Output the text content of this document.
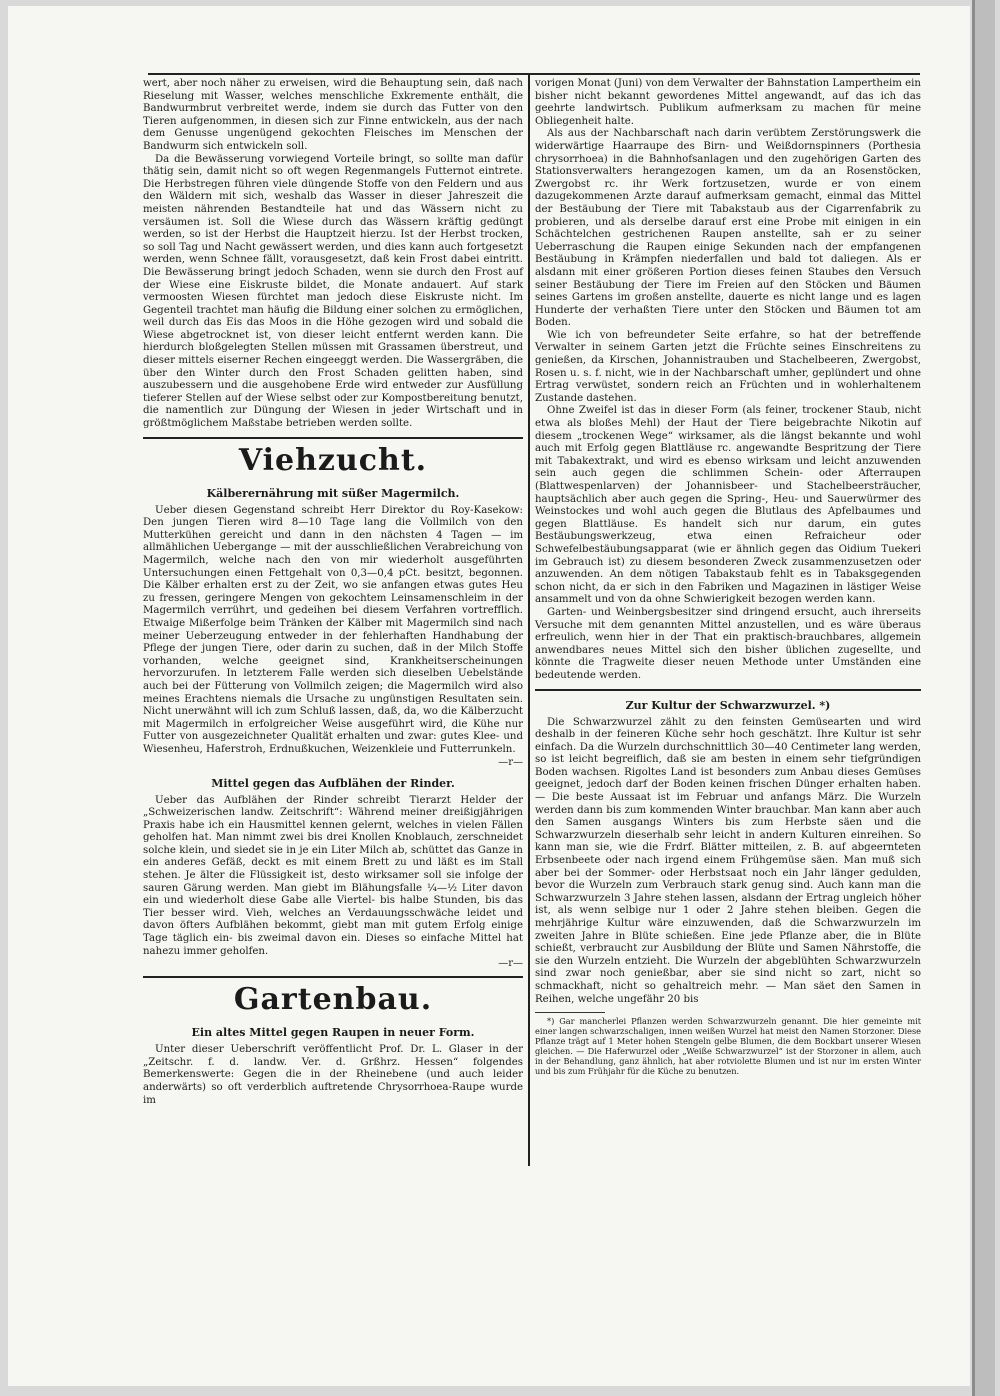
wert, aber noch näher zu erweisen, wird die Behauptung sein, daß nach Rieselung mit Wasser, welches menschliche Exkremente enthält, die Bandwurmbrut verbreitet werde, indem sie durch das Futter von den Tieren aufgenommen, in diesen sich zur Finne entwickeln, aus der nach dem Genusse ungenügend gekochten Fleisches im Menschen der Bandwurm sich entwickeln soll.

Da die Bewässerung vorwiegend Vorteile bringt, so sollte man dafür thätig sein, damit nicht so oft wegen Regenmangels Futternot eintrete. Die Herbstregen führen viele düngende Stoffe von den Feldern und aus den Wäldern mit sich, weshalb das Wasser in dieser Jahreszeit die meisten nährenden Bestandteile hat und das Wässern nicht zu versäumen ist. Soll die Wiese durch das Wässern kräftig gedüngt werden, so ist der Herbst die Hauptzeit hierzu. Ist der Herbst trocken, so soll Tag und Nacht gewässert werden, und dies kann auch fortgesetzt werden, wenn Schnee fällt, vorausgesetzt, daß kein Frost dabei eintritt. Die Bewässerung bringt jedoch Schaden, wenn sie durch den Frost auf der Wiese eine Eiskruste bildet, die Monate andauert. Auf stark vermoosten Wiesen fürchtet man jedoch diese Eiskruste nicht. Im Gegenteil trachtet man häufig die Bildung einer solchen zu ermöglichen, weil durch das Eis das Moos in die Höhe gezogen wird und sobald die Wiese abgetrocknet ist, von dieser leicht entfernt werden kann. Die hierdurch bloßgelegten Stellen müssen mit Grassamen überstreut, und dieser mittels eiserner Rechen eingeeggt werden. Die Wassergräben, die über den Winter durch den Frost Schaden gelitten haben, sind auszubessern und die ausgehobene Erde wird entweder zur Ausfüllung tieferer Stellen auf der Wiese selbst oder zur Kompostbereitung benutzt, die namentlich zur Düngung der Wiesen in jeder Wirtschaft und in größtmöglichem Maßstabe betrieben werden sollte.

Viehzucht.
Kälberernährung mit süßer Magermilch.

Ueber diesen Gegenstand schreibt Herr Direktor du Roy-Kasekow: Den jungen Tieren wird 8—10 Tage lang die Vollmilch von den Mutterkühen gereicht und dann in den nächsten 4 Tagen — im allmählichen Uebergange — mit der ausschließlichen Verabreichung von Magermilch, welche nach den von mir wiederholt ausgeführten Untersuchungen einen Fettgehalt von 0,3—0,4 pCt. besitzt, begonnen. Die Kälber erhalten erst zu der Zeit, wo sie anfangen etwas gutes Heu zu fressen, geringere Mengen von gekochtem Leinsamenschleim in der Magermilch verrührt, und gedeihen bei diesem Verfahren vortrefflich. Etwaige Mißerfolge beim Tränken der Kälber mit Magermilch sind nach meiner Ueberzeugung entweder in der fehlerhaften Handhabung der Pflege der jungen Tiere, oder darin zu suchen, daß in der Milch Stoffe vorhanden, welche geeignet sind, Krankheitserscheinungen hervorzurufen. In letzterem Falle werden sich dieselben Uebelstände auch bei der Fütterung von Vollmilch zeigen; die Magermilch wird also meines Erachtens niemals die Ursache zu ungünstigen Resultaten sein. Nicht unerwähnt will ich zum Schluß lassen, daß, da, wo die Kälberzucht mit Magermilch in erfolgreicher Weise ausgeführt wird, die Kühe nur Futter von ausgezeichneter Qualität erhalten und zwar: gutes Klee- und Wiesenheu, Haferstroh, Erdnußkuchen, Weizenkleie und Futterrunkeln.

—r—
Mittel gegen das Aufblähen der Rinder.

Ueber das Aufblähen der Rinder schreibt Tierarzt Helder der „Schweizerischen landw. Zeitschrift“: Während meiner dreißigjährigen Praxis habe ich ein Hausmittel kennen gelernt, welches in vielen Fällen geholfen hat. Man nimmt zwei bis drei Knollen Knoblauch, zerschneidet solche klein, und siedet sie in je ein Liter Milch ab, schüttet das Ganze in ein anderes Gefäß, deckt es mit einem Brett zu und läßt es im Stall stehen. Je älter die Flüssigkeit ist, desto wirksamer soll sie infolge der sauren Gärung werden. Man giebt im Blähungsfalle ¼—½ Liter davon ein und wiederholt diese Gabe alle Viertel- bis halbe Stunden, bis das Tier besser wird. Vieh, welches an Verdauungsschwäche leidet und davon öfters Aufblähen bekommt, giebt man mit gutem Erfolg einige Tage täglich ein- bis zweimal davon ein. Dieses so einfache Mittel hat nahezu immer geholfen.

—r—
Gartenbau.
Ein altes Mittel gegen Raupen in neuer Form.

Unter dieser Ueberschrift veröffentlicht Prof. Dr. L. Glaser in der „Zeitschr. f. d. landw. Ver. d. Grßhrz. Hessen“ folgendes Bemerkenswerte: Gegen die in der Rheinebene (und auch leider anderwärts) so oft verderblich auftretende Chrysorrhoea-Raupe wurde im

vorigen Monat (Juni) von dem Verwalter der Bahnstation Lampertheim ein bisher nicht bekannt gewordenes Mittel angewandt, auf das ich das geehrte landwirtsch. Publikum aufmerksam zu machen für meine Obliegenheit halte.

Als aus der Nachbarschaft nach darin verübtem Zerstörungswerk die widerwärtige Haarraupe des Birn- und Weißdornspinners (Porthesia chrysorrhoea) in die Bahnhofsanlagen und den zugehörigen Garten des Stationsverwalters herangezogen kamen, um da an Rosenstöcken, Zwergobst rc. ihr Werk fortzusetzen, wurde er von einem dazugekommenen Arzte darauf aufmerksam gemacht, einmal das Mittel der Bestäubung der Tiere mit Tabakstaub aus der Cigarrenfabrik zu probieren, und als derselbe darauf erst eine Probe mit einigen in ein Schächtelchen gestrichenen Raupen anstellte, sah er zu seiner Ueberraschung die Raupen einige Sekunden nach der empfangenen Bestäubung in Krämpfen niederfallen und bald tot daliegen. Als er alsdann mit einer größeren Portion dieses feinen Staubes den Versuch seiner Bestäubung der Tiere im Freien auf den Stöcken und Bäumen seines Gartens im großen anstellte, dauerte es nicht lange und es lagen Hunderte der verhaßten Tiere unter den Stöcken und Bäumen tot am Boden.

Wie ich von befreundeter Seite erfahre, so hat der betreffende Verwalter in seinem Garten jetzt die Früchte seines Einschreitens zu genießen, da Kirschen, Johannistrauben und Stachelbeeren, Zwergobst, Rosen u. s. f. nicht, wie in der Nachbarschaft umher, geplündert und ohne Ertrag verwüstet, sondern reich an Früchten und in wohlerhaltenem Zustande dastehen.

Ohne Zweifel ist das in dieser Form (als feiner, trockener Staub, nicht etwa als bloßes Mehl) der Haut der Tiere beigebrachte Nikotin auf diesem „trockenen Wege“ wirksamer, als die längst bekannte und wohl auch mit Erfolg gegen Blattläuse rc. angewandte Bespritzung der Tiere mit Tabakextrakt, und wird es ebenso wirksam und leicht anzuwenden sein auch gegen die schlimmen Schein- oder Afterraupen (Blattwespenlarven) der Johannisbeer- und Stachelbeersträucher, hauptsächlich aber auch gegen die Spring-, Heu- und Sauerwürmer des Weinstockes und wohl auch gegen die Blutlaus des Apfelbaumes und gegen Blattläuse. Es handelt sich nur darum, ein gutes Bestäubungswerkzeug, etwa einen Refraicheur oder Schwefelbestäubungsapparat (wie er ähnlich gegen das Oidium Tuekeri im Gebrauch ist) zu diesem besonderen Zweck zusammenzusetzen oder anzuwenden. An dem nötigen Tabakstaub fehlt es in Tabaksgegenden schon nicht, da er sich in den Fabriken und Magazinen in lästiger Weise ansammelt und von da ohne Schwierigkeit bezogen werden kann.

Garten- und Weinbergsbesitzer sind dringend ersucht, auch ihrerseits Versuche mit dem genannten Mittel anzustellen, und es wäre überaus erfreulich, wenn hier in der That ein praktisch-brauchbares, allgemein anwendbares neues Mittel sich den bisher üblichen zugesellte, und könnte die Tragweite dieser neuen Methode unter Umständen eine bedeutende werden.

Zur Kultur der Schwarzwurzel. *)

Die Schwarzwurzel zählt zu den feinsten Gemüsearten und wird deshalb in der feineren Küche sehr hoch geschätzt. Ihre Kultur ist sehr einfach. Da die Wurzeln durchschnittlich 30—40 Centimeter lang werden, so ist leicht begreiflich, daß sie am besten in einem sehr tiefgründigen Boden wachsen. Rigoltes Land ist besonders zum Anbau dieses Gemüses geeignet, jedoch darf der Boden keinen frischen Dünger erhalten haben. — Die beste Aussaat ist im Februar und anfangs März. Die Wurzeln werden dann bis zum kommenden Winter brauchbar. Man kann aber auch den Samen ausgangs Winters bis zum Herbste säen und die Schwarzwurzeln dieserhalb sehr leicht in andern Kulturen einreihen. So kann man sie, wie die Frdrf. Blätter mitteilen, z. B. auf abgeernteten Erbsenbeete oder nach irgend einem Frühgemüse säen. Man muß sich aber bei der Sommer- oder Herbstsaat noch ein Jahr länger gedulden, bevor die Wurzeln zum Verbrauch stark genug sind. Auch kann man die Schwarzwurzeln 3 Jahre stehen lassen, alsdann der Ertrag ungleich höher ist, als wenn selbige nur 1 oder 2 Jahre stehen bleiben. Gegen die mehrjährige Kultur wäre einzuwenden, daß die Schwarzwurzeln im zweiten Jahre in Blüte schießen. Eine jede Pflanze aber, die in Blüte schießt, verbraucht zur Ausbildung der Blüte und Samen Nährstoffe, die sie den Wurzeln entzieht. Die Wurzeln der abgeblühten Schwarzwurzeln sind zwar noch genießbar, aber sie sind nicht so zart, nicht so schmackhaft, nicht so gehaltreich mehr. — Man säet den Samen in Reihen, welche ungefähr 20 bis

*) Gar mancherlei Pflanzen werden Schwarzwurzeln genannt. Die hier gemeinte mit einer langen schwarzschaligen, innen weißen Wurzel hat meist den Namen Storzoner. Diese Pflanze trägt auf 1 Meter hohen Stengeln gelbe Blumen, die dem Bockbart unserer Wiesen gleichen. — Die Haferwurzel oder „Weiße Schwarzwurzel“ ist der Storzoner in allem, auch in der Behandlung, ganz ähnlich, hat aber rotviolette Blumen und ist nur im ersten Winter und bis zum Frühjahr für die Küche zu benutzen.
